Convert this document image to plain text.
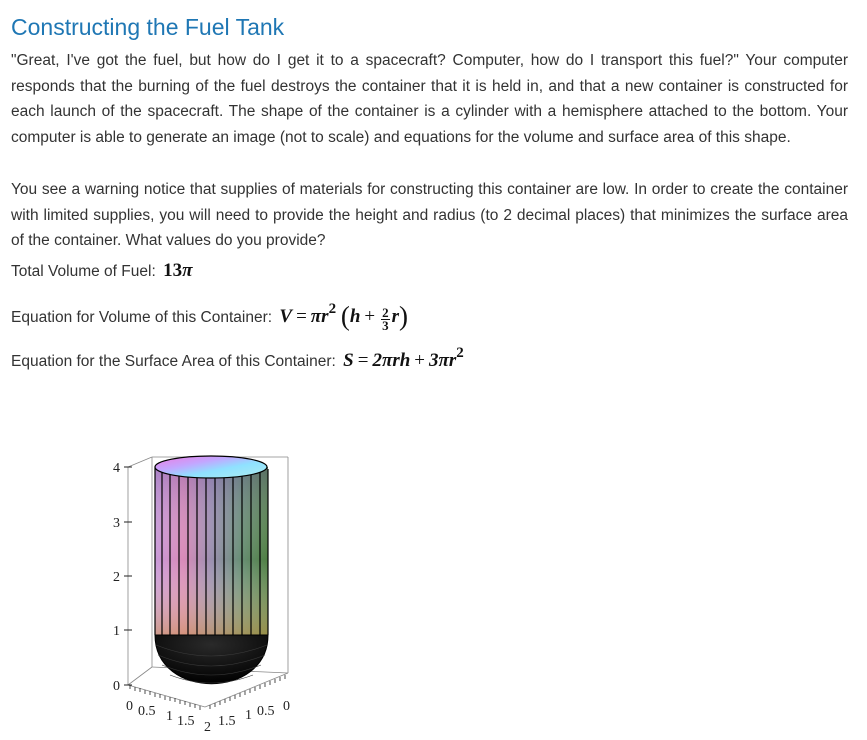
Constructing the Fuel Tank

"Great, I've got the fuel, but how do I get it to a spacecraft? Computer, how do I transport this fuel?" Your computer responds that the burning of the fuel destroys the container that it is held in, and that a new container is constructed for each launch of the spacecraft. The shape of the container is a cylinder with a hemisphere attached to the bottom. Your computer is able to generate an image (not to scale) and equations for the volume and surface area of this shape.

You see a warning notice that supplies of materials for constructing this container are low. In order to create the container with limited supplies, you will need to provide the height and radius (to 2 decimal places) that minimizes the surface area of the container. What values do you provide?

Total Volume of Fuel: 13π
Equation for Volume of this Container: $V = \pi r^2$ $(h + \frac{2}{3} r)$
Equation for the Surface Area of this Container: $S = 2\pi rh + 3\pi r^2$
0
1
2
3
4
0 0.5 1 1.5 2 1.5 1 0.5 0
